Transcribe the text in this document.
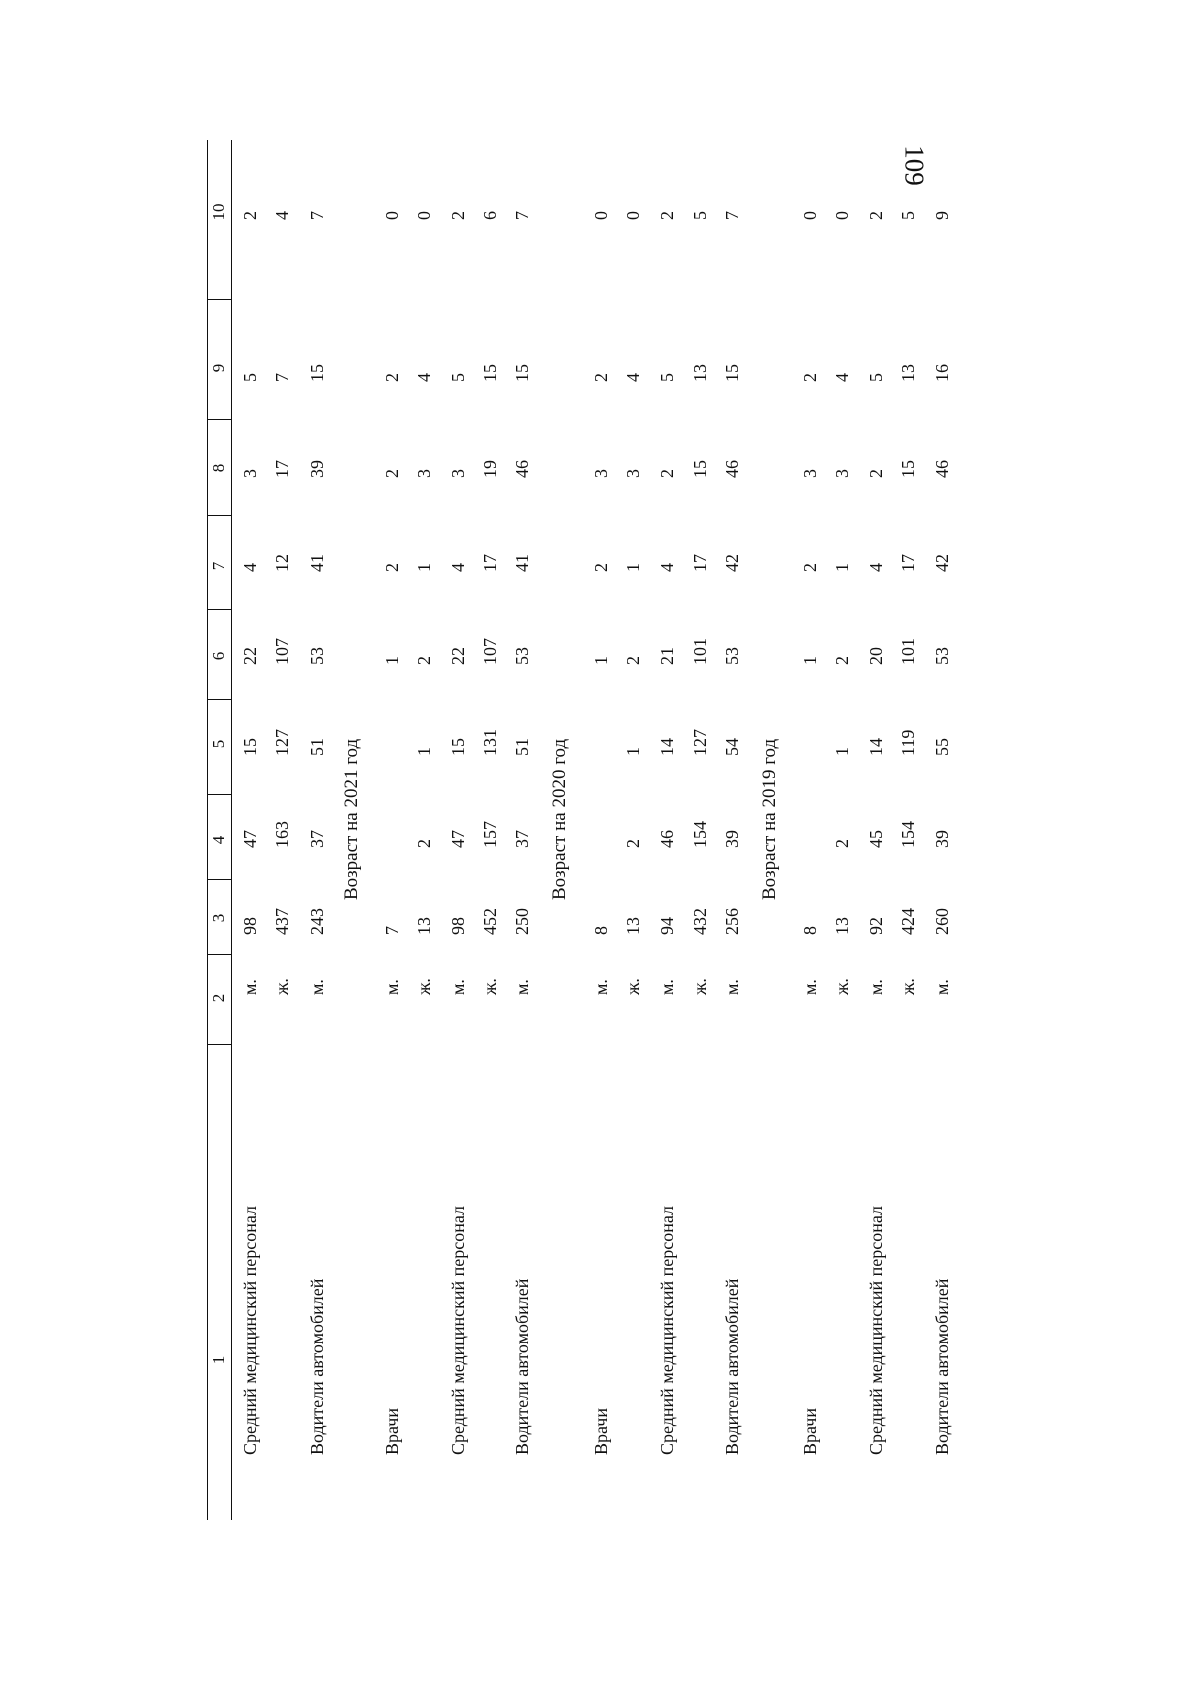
109
1
2
3
4
5
6
7
8
9
10
Средний медицинский персонал
м.
98
47
15
22
4
3
5
2
ж.
437
163
127
107
12
17
7
4
Водители автомобилей
м.
243
37
51
53
41
39
15
7
Возраст на 2021 год
Врачи
м.
7
1
2
2
2
0
ж.
13
2
1
2
1
3
4
0
Средний медицинский персонал
м.
98
47
15
22
4
3
5
2
ж.
452
157
131
107
17
19
15
6
Водители автомобилей
м.
250
37
51
53
41
46
15
7
Возраст на 2020 год
Врачи
м.
8
1
2
3
2
0
ж.
13
2
1
2
1
3
4
0
Средний медицинский персонал
м.
94
46
14
21
4
2
5
2
ж.
432
154
127
101
17
15
13
5
Водители автомобилей
м.
256
39
54
53
42
46
15
7
Возраст на 2019 год
Врачи
м.
8
1
2
3
2
0
ж.
13
2
1
2
1
3
4
0
Средний медицинский персонал
м.
92
45
14
20
4
2
5
2
ж.
424
154
119
101
17
15
13
5
Водители автомобилей
м.
260
39
55
53
42
46
16
9
